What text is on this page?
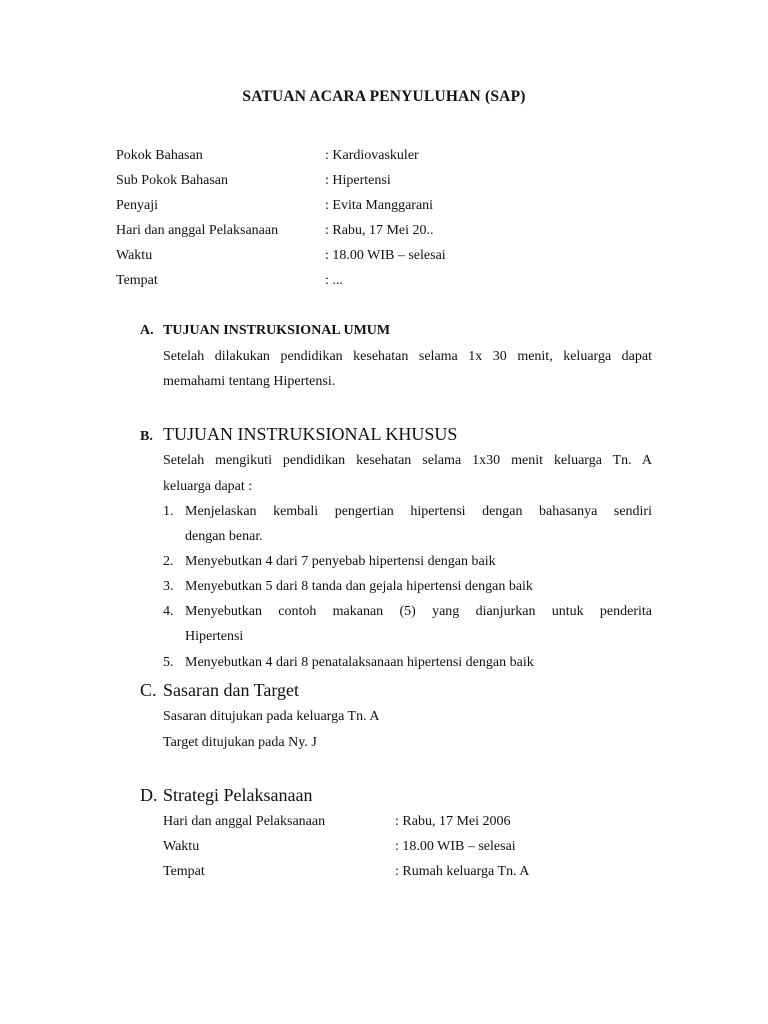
SATUAN ACARA PENYULUHAN (SAP)
Pokok Bahasan	: Kardiovaskuler
Sub Pokok Bahasan	: Hipertensi
Penyaji	: Evita Manggarani
Hari dan anggal Pelaksanaan	: Rabu, 17 Mei 20..
Waktu	: 18.00 WIB – selesai
Tempat	: ...
A. TUJUAN INSTRUKSIONAL UMUM
Setelah dilakukan pendidikan kesehatan selama 1x 30 menit, keluarga dapat
memahami tentang Hipertensi.
B. TUJUAN INSTRUKSIONAL KHUSUS
Setelah mengikuti pendidikan kesehatan selama 1x30 menit keluarga Tn. A
keluarga dapat :
1. Menjelaskan kembali pengertian hipertensi dengan bahasanya sendiri
dengan benar.
2. Menyebutkan 4 dari 7 penyebab hipertensi dengan baik
3. Menyebutkan 5 dari 8 tanda dan gejala hipertensi dengan baik
4. Menyebutkan contoh makanan (5) yang dianjurkan untuk penderita
Hipertensi
5. Menyebutkan 4 dari 8 penatalaksanaan hipertensi dengan baik
C. Sasaran dan Target
Sasaran ditujukan pada keluarga Tn. A
Target ditujukan pada Ny. J
D. Strategi Pelaksanaan
Hari dan anggal Pelaksanaan	: Rabu, 17 Mei 2006
Waktu	: 18.00 WIB – selesai
Tempat	: Rumah keluarga Tn. A
